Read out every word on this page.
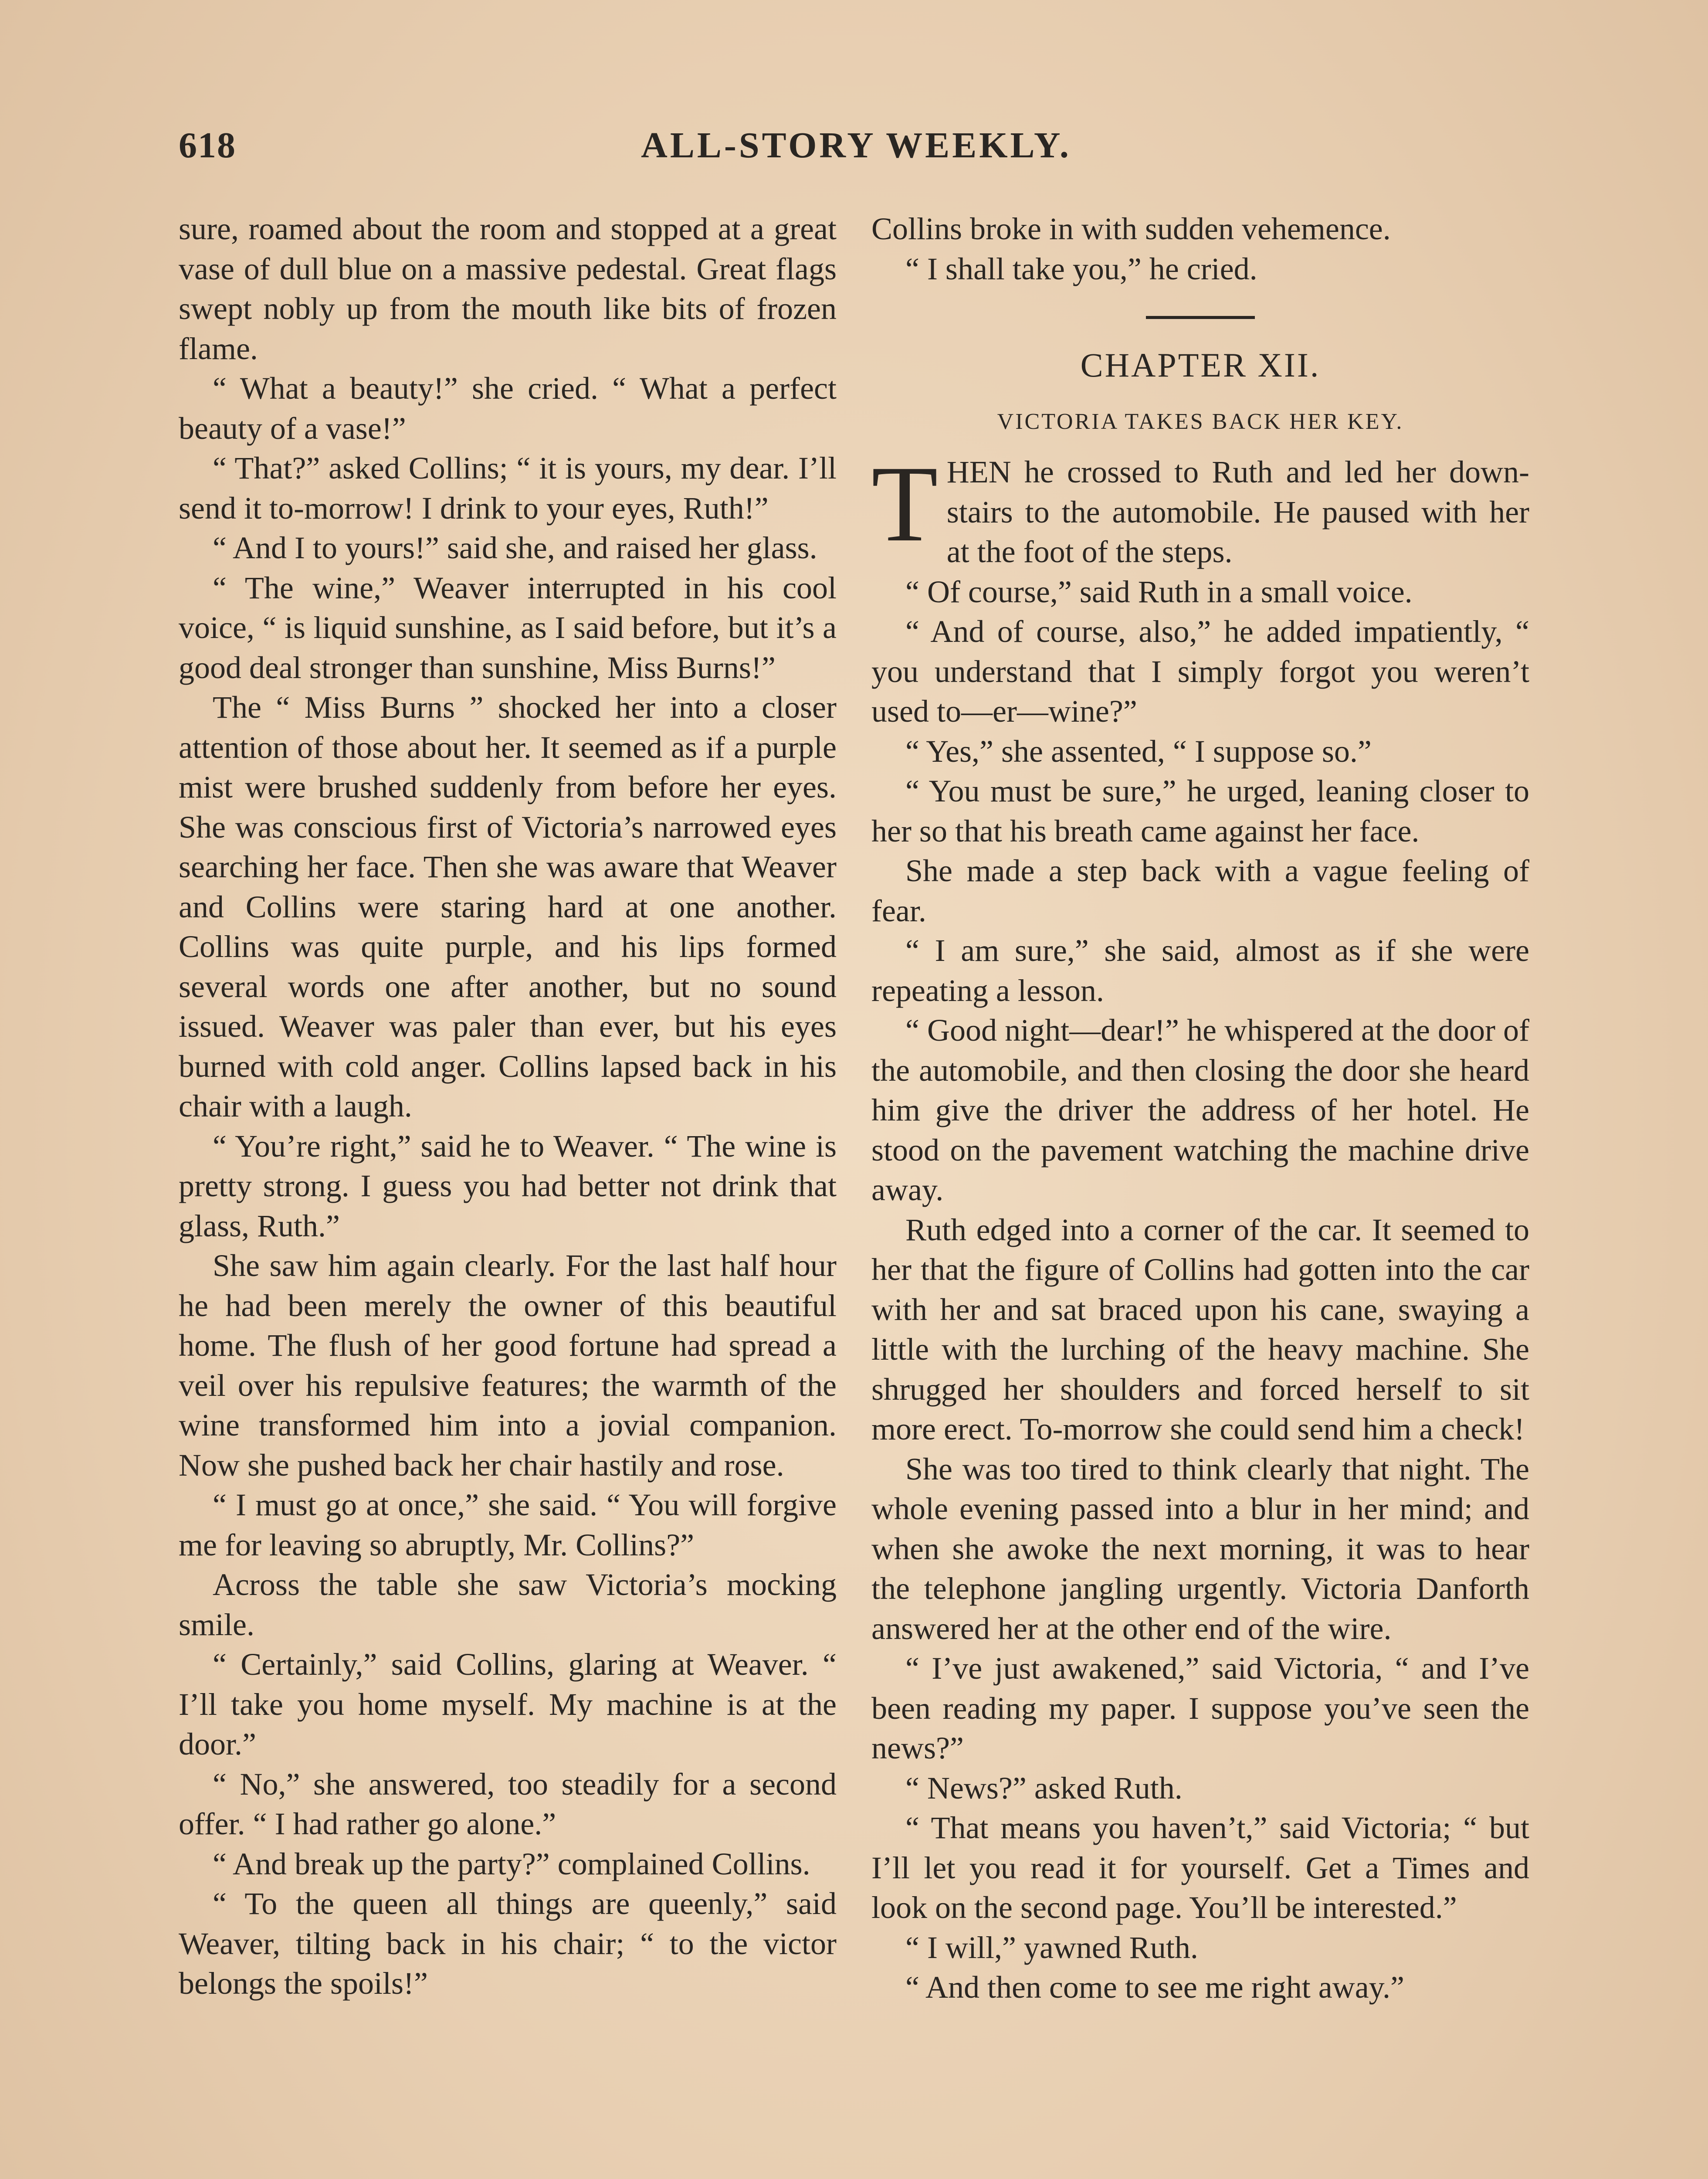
618	ALL-STORY WEEKLY.

sure, roamed about the room and stopped at a great vase of dull blue on a massive pedestal. Great flags swept nobly up from the mouth like bits of frozen flame.

“ What a beauty!” she cried. “ What a perfect beauty of a vase!”

“ That?” asked Collins; “ it is yours, my dear. I’ll send it to-morrow! I drink to your eyes, Ruth!”

“ And I to yours!” said she, and raised her glass.

“ The wine,” Weaver interrupted in his cool voice, “ is liquid sunshine, as I said before, but it’s a good deal stronger than sunshine, Miss Burns!”

The “ Miss Burns ” shocked her into a closer attention of those about her. It seemed as if a purple mist were brushed suddenly from before her eyes. She was conscious first of Victoria’s narrowed eyes searching her face. Then she was aware that Weaver and Collins were staring hard at one another. Collins was quite purple, and his lips formed several words one after another, but no sound issued. Weaver was paler than ever, but his eyes burned with cold anger. Collins lapsed back in his chair with a laugh.

“ You’re right,” said he to Weaver. “ The wine is pretty strong. I guess you had better not drink that glass, Ruth.”

She saw him again clearly. For the last half hour he had been merely the owner of this beautiful home. The flush of her good fortune had spread a veil over his repulsive features; the warmth of the wine transformed him into a jovial companion. Now she pushed back her chair hastily and rose.

“ I must go at once,” she said. “ You will forgive me for leaving so abruptly, Mr. Collins?”

Across the table she saw Victoria’s mocking smile.

“ Certainly,” said Collins, glaring at Weaver. “ I’ll take you home myself. My machine is at the door.”

“ No,” she answered, too steadily for a second offer. “ I had rather go alone.”

“ And break up the party?” complained Collins.

“ To the queen all things are queenly,” said Weaver, tilting back in his chair; “ to the victor belongs the spoils!”

Collins broke in with sudden vehemence.

“ I shall take you,” he cried.

CHAPTER XII.
VICTORIA TAKES BACK HER KEY.

THEN he crossed to Ruth and led her down-stairs to the automobile. He paused with her at the foot of the steps.

“ Of course,” said Ruth in a small voice.

“ And of course, also,” he added impatiently, “ you understand that I simply forgot you weren’t used to—er—wine?”

“ Yes,” she assented, “ I suppose so.”

“ You must be sure,” he urged, leaning closer to her so that his breath came against her face.

She made a step back with a vague feeling of fear.

“ I am sure,” she said, almost as if she were repeating a lesson.

“ Good night—dear!” he whispered at the door of the automobile, and then closing the door she heard him give the driver the address of her hotel. He stood on the pavement watching the machine drive away.

Ruth edged into a corner of the car. It seemed to her that the figure of Collins had gotten into the car with her and sat braced upon his cane, swaying a little with the lurching of the heavy machine. She shrugged her shoulders and forced herself to sit more erect. To-morrow she could send him a check!

She was too tired to think clearly that night. The whole evening passed into a blur in her mind; and when she awoke the next morning, it was to hear the telephone jangling urgently. Victoria Danforth answered her at the other end of the wire.

“ I’ve just awakened,” said Victoria, “ and I’ve been reading my paper. I suppose you’ve seen the news?”

“ News?” asked Ruth.

“ That means you haven’t,” said Victoria; “ but I’ll let you read it for yourself. Get a Times and look on the second page. You’ll be interested.”

“ I will,” yawned Ruth.

“ And then come to see me right away.”
